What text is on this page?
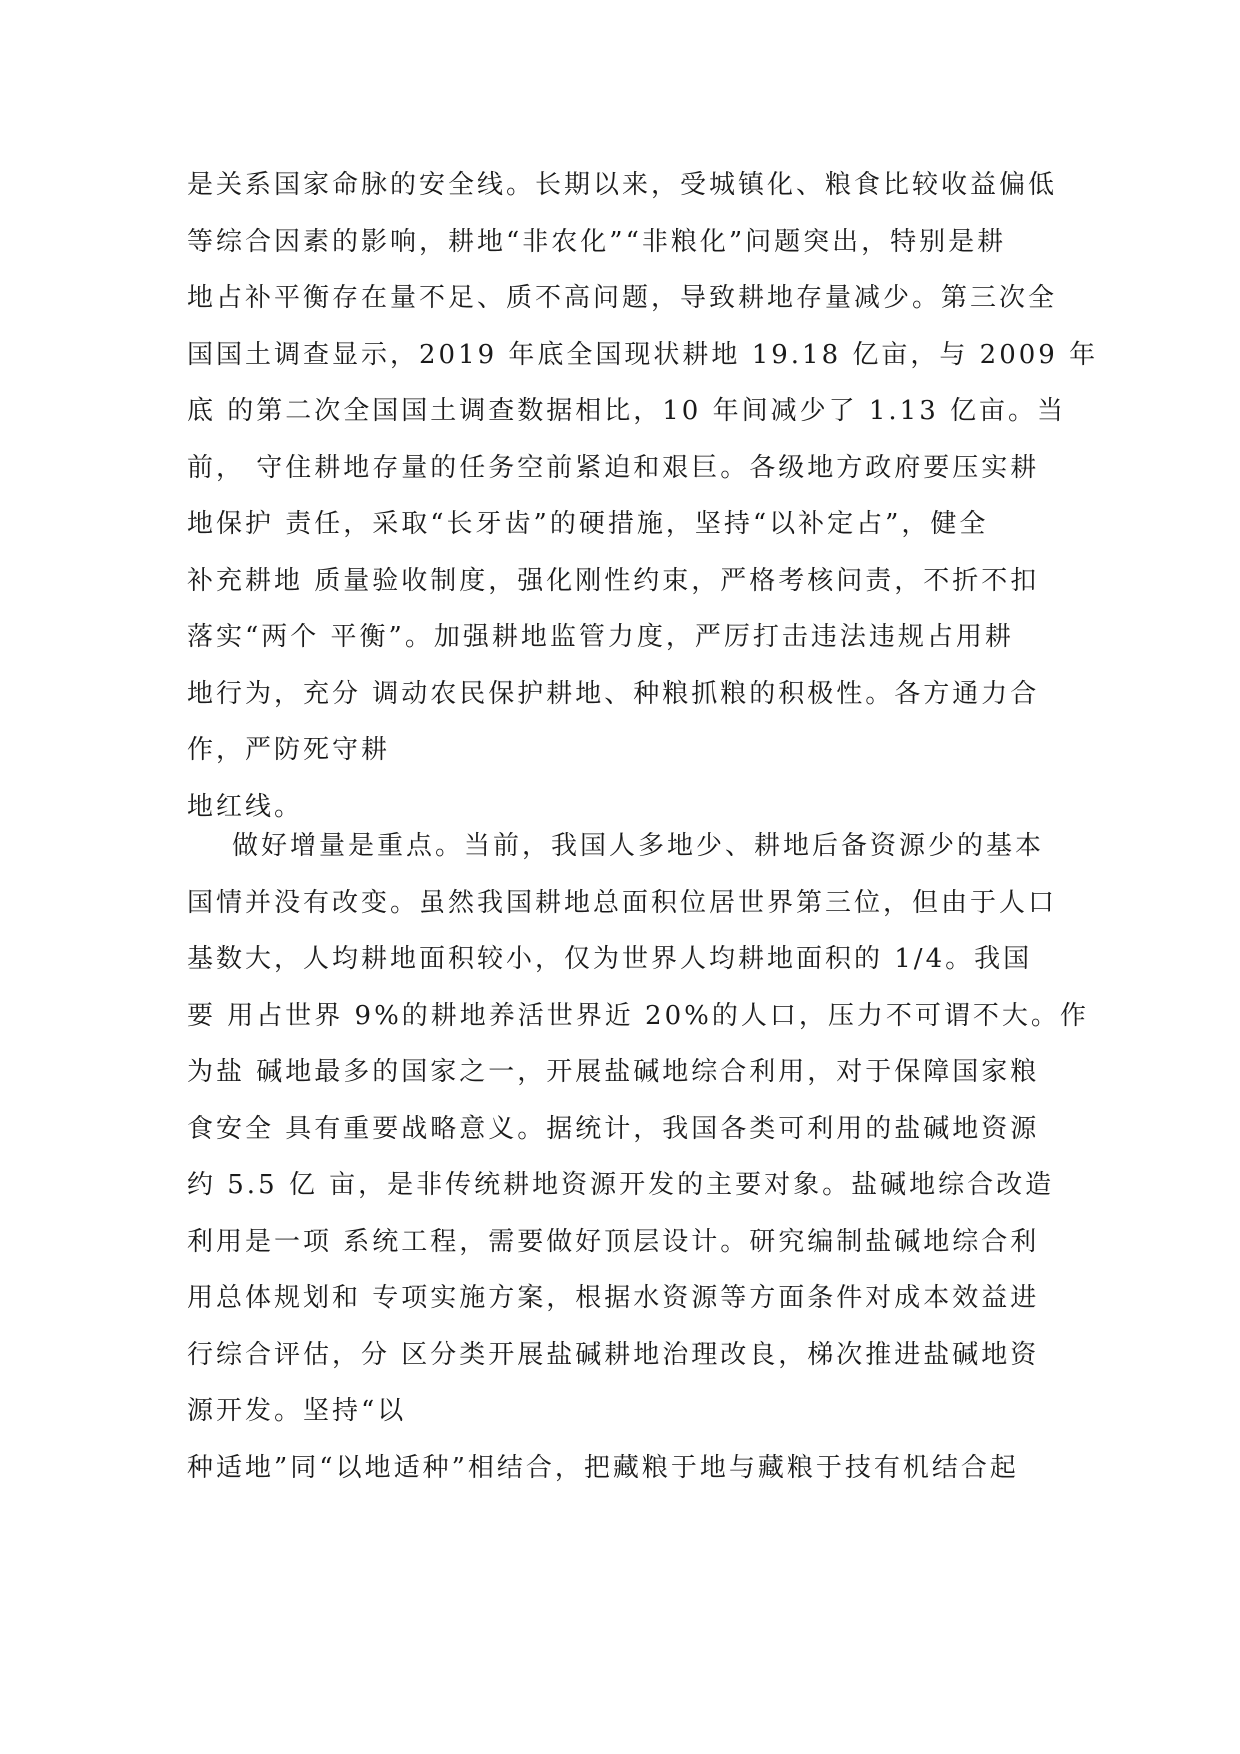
是关系国家命脉的安全线。长期以来，受城镇化、粮食比较收益偏低
等综合因素的影响，耕地“非农化”“非粮化”问题突出，特别是耕
地占补平衡存在量不足、质不高问题，导致耕地存量减少。第三次全
国国土调查显示，2019 年底全国现状耕地 19.18 亿亩，与 2009 年
底 的第二次全国国土调查数据相比，10 年间减少了 1.13 亿亩。当
前， 守住耕地存量的任务空前紧迫和艰巨。各级地方政府要压实耕
地保护 责任，采取“长牙齿”的硬措施，坚持“以补定占”，健全
补充耕地 质量验收制度，强化刚性约束，严格考核问责，不折不扣
落实“两个 平衡”。加强耕地监管力度，严厉打击违法违规占用耕
地行为，充分 调动农民保护耕地、种粮抓粮的积极性。各方通力合
作，严防死守耕
地红线。
做好增量是重点。当前，我国人多地少、耕地后备资源少的基本
国情并没有改变。虽然我国耕地总面积位居世界第三位，但由于人口
基数大，人均耕地面积较小，仅为世界人均耕地面积的 1/4。我国
要 用占世界 9%的耕地养活世界近 20%的人口，压力不可谓不大。作
为盐 碱地最多的国家之一，开展盐碱地综合利用，对于保障国家粮
食安全 具有重要战略意义。据统计，我国各类可利用的盐碱地资源
约 5.5 亿 亩，是非传统耕地资源开发的主要对象。盐碱地综合改造
利用是一项 系统工程，需要做好顶层设计。研究编制盐碱地综合利
用总体规划和 专项实施方案，根据水资源等方面条件对成本效益进
行综合评估，分 区分类开展盐碱耕地治理改良，梯次推进盐碱地资
源开发。坚持“以
种适地”同“以地适种”相结合，把藏粮于地与藏粮于技有机结合起
